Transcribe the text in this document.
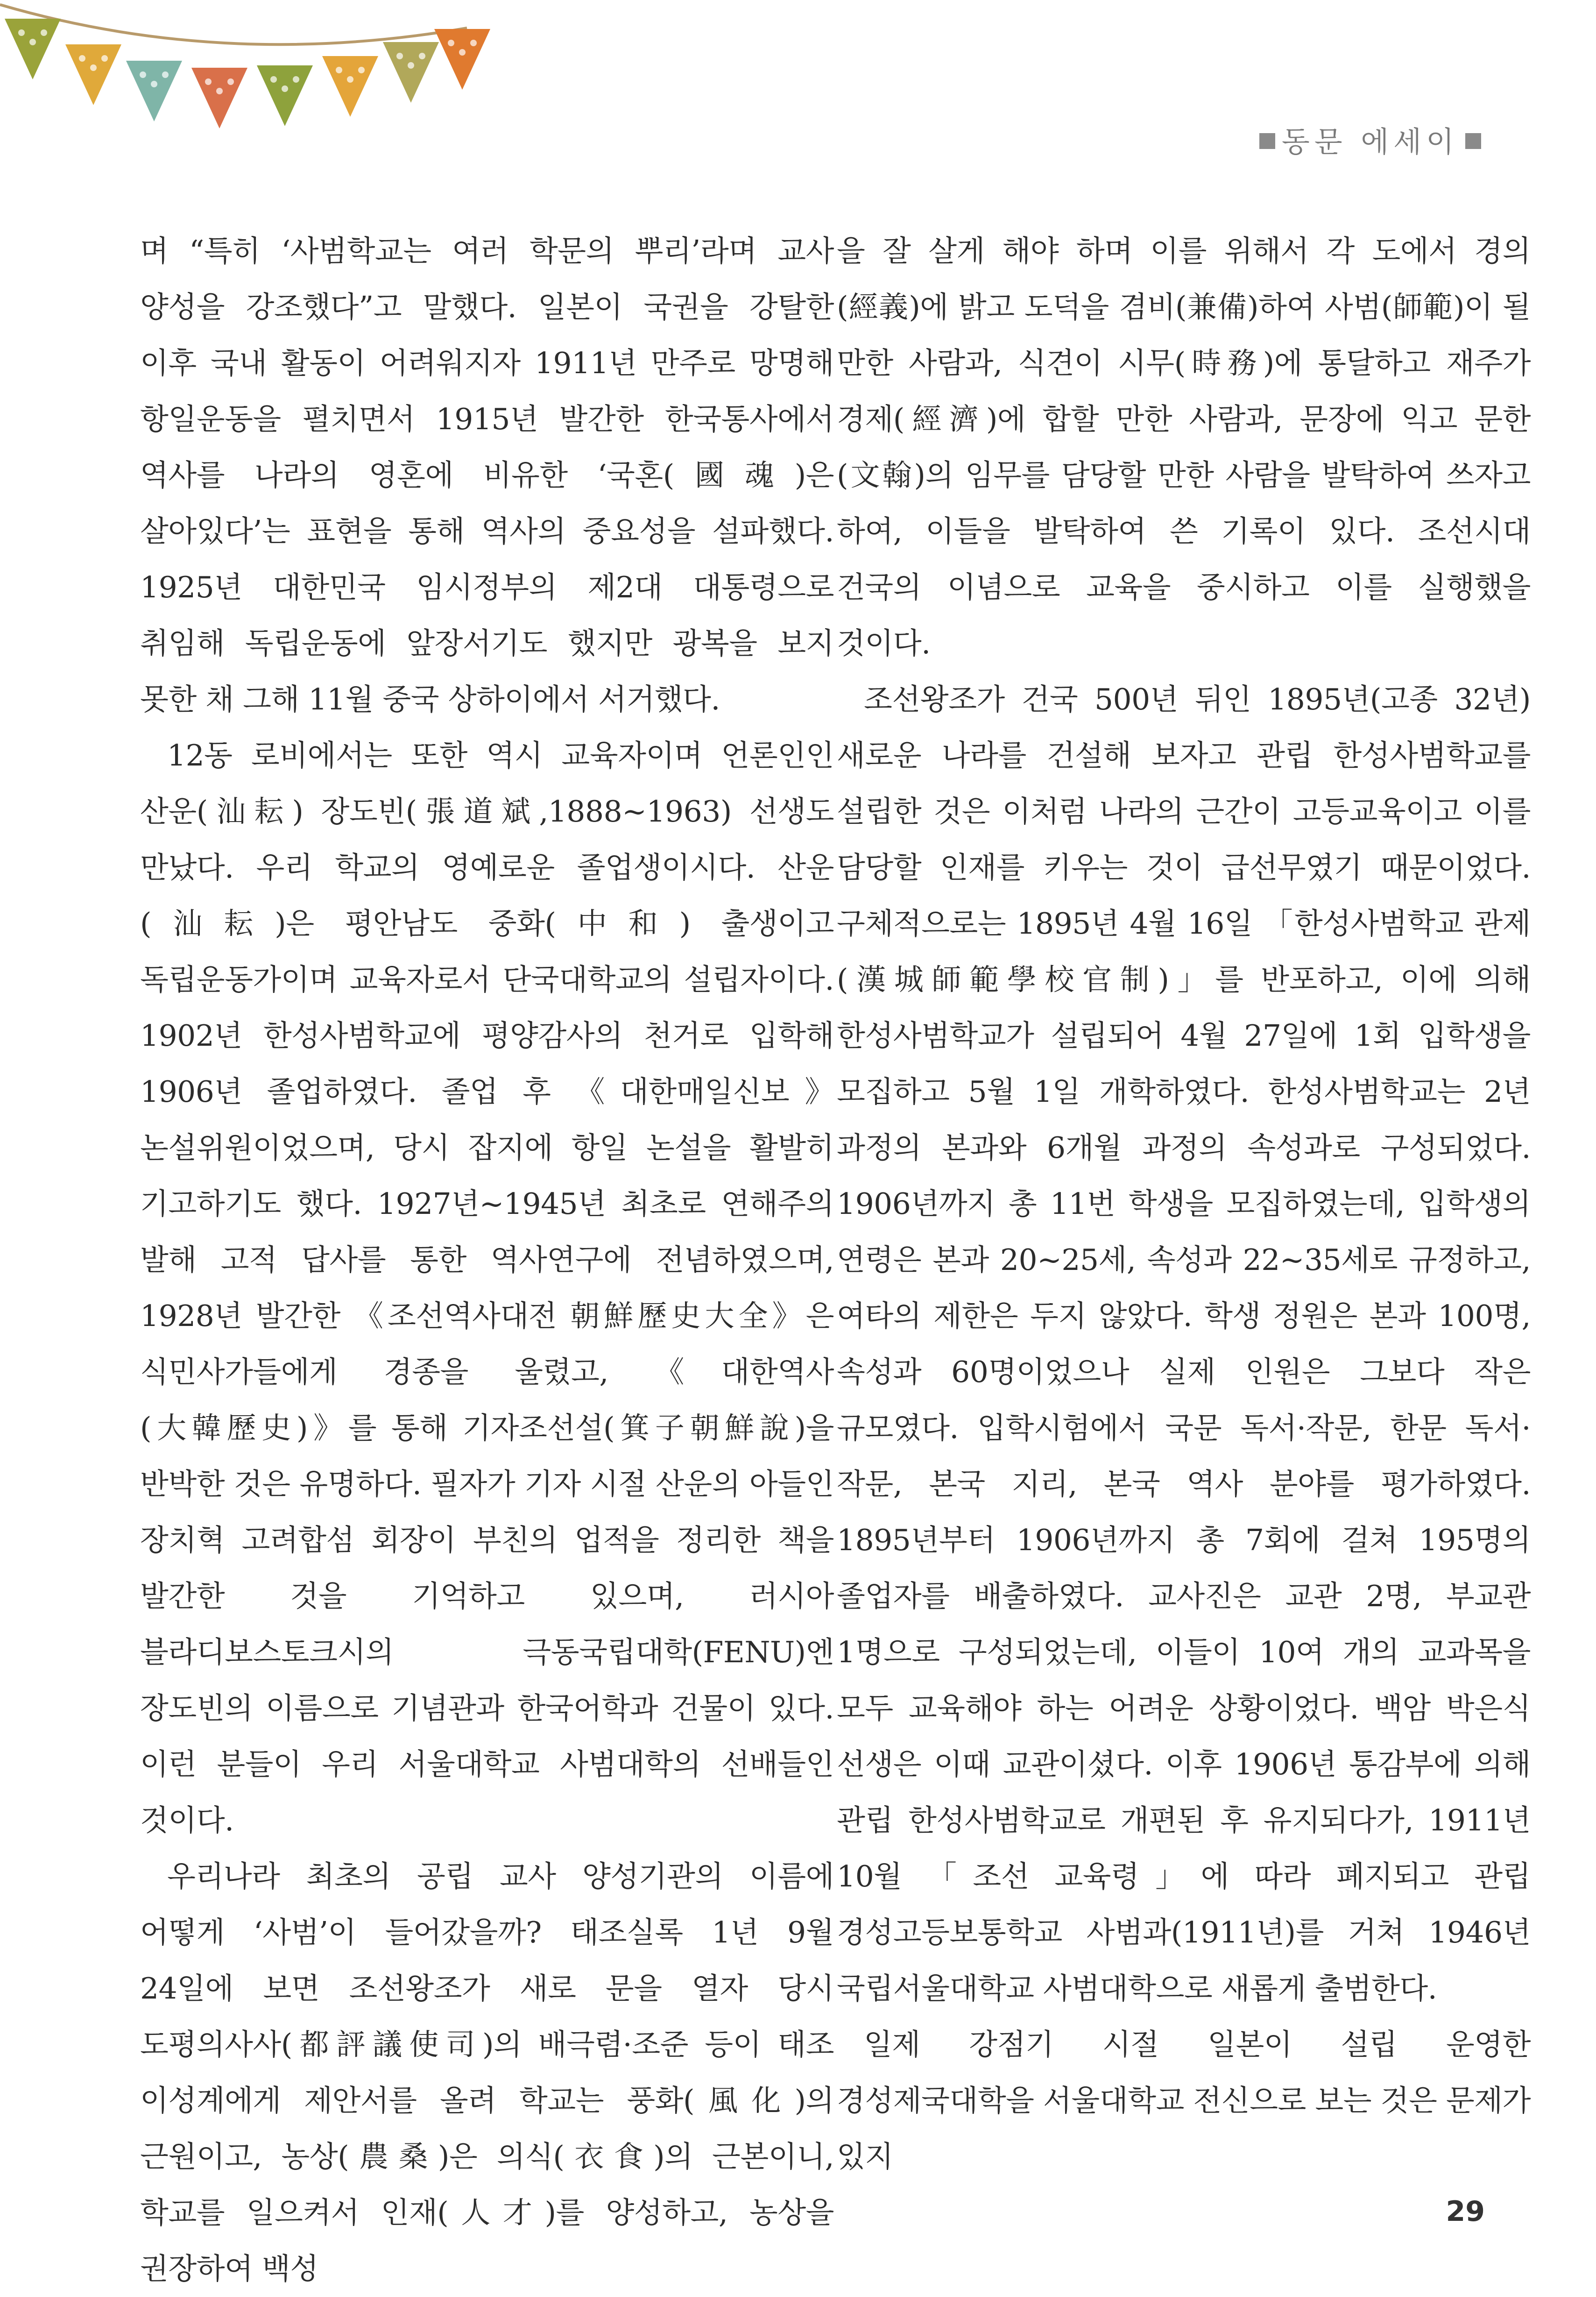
동문 에세이

며 “특히 ‘사범학교는 여러 학문의 뿌리’라며 교사 양성을 강조했다”고 말했다. 일본이 국권을 강탈한 이후 국내 활동이 어려워지자 1911년 만주로 망명해 항일운동을 펼치면서 1915년 발간한 한국통사에서 역사를 나라의 영혼에 비유한 ‘국혼(國魂)은 살아있다’는 표현을 통해 역사의 중요성을 설파했다. 1925년 대한민국 임시정부의 제2대 대통령으로 취임해 독립운동에 앞장서기도 했지만 광복을 보지 못한 채 그해 11월 중국 상하이에서 서거했다.

12동 로비에서는 또한 역시 교육자이며 언론인인 산운(汕耘) 장도빈(張道斌,1888~1963) 선생도 만났다. 우리 학교의 영예로운 졸업생이시다. 산운(汕耘)은 평안남도 중화(中和) 출생이고 독립운동가이며 교육자로서 단국대학교의 설립자이다. 1902년 한성사범학교에 평양감사의 천거로 입학해 1906년 졸업하였다. 졸업 후 《대한매일신보》 논설위원이었으며, 당시 잡지에 항일 논설을 활발히 기고하기도 했다. 1927년~1945년 최초로 연해주의 발해 고적 답사를 통한 역사연구에 전념하였으며, 1928년 발간한 《조선역사대전 朝鮮歷史大全》은 식민사가들에게 경종을 울렸고, 《대한역사(大韓歷史)》를 통해 기자조선설(箕子朝鮮說)을 반박한 것은 유명하다. 필자가 기자 시절 산운의 아들인 장치혁 고려합섬 회장이 부친의 업적을 정리한 책을 발간한 것을 기억하고 있으며, 러시아 블라디보스토크시의 극동국립대학(FENU)엔 장도빈의 이름으로 기념관과 한국어학과 건물이 있다. 이런 분들이 우리 서울대학교 사범대학의 선배들인 것이다.

우리나라 최초의 공립 교사 양성기관의 이름에 어떻게 ‘사범’이 들어갔을까? 태조실록 1년 9월 24일에 보면 조선왕조가 새로 문을 열자 당시 도평의사사(都評議使司)의 배극렴·조준 등이 태조 이성계에게 제안서를 올려 학교는 풍화(風化)의 근원이고, 농상(農桑)은 의식(衣食)의 근본이니, 학교를 일으켜서 인재(人才)를 양성하고, 농상을 권장하여 백성

을 잘 살게 해야 하며 이를 위해서 각 도에서 경의(經義)에 밝고 도덕을 겸비(兼備)하여 사범(師範)이 될 만한 사람과, 식견이 시무(時務)에 통달하고 재주가 경제(經濟)에 합할 만한 사람과, 문장에 익고 문한(文翰)의 임무를 담당할 만한 사람을 발탁하여 쓰자고 하여, 이들을 발탁하여 쓴 기록이 있다. 조선시대 건국의 이념으로 교육을 중시하고 이를 실행했을 것이다.

조선왕조가 건국 500년 뒤인 1895년(고종 32년) 새로운 나라를 건설해 보자고 관립 한성사범학교를 설립한 것은 이처럼 나라의 근간이 고등교육이고 이를 담당할 인재를 키우는 것이 급선무였기 때문이었다. 구체적으로는 1895년 4월 16일 「한성사범학교 관제(漢城師範學校官制)」를 반포하고, 이에 의해 한성사범학교가 설립되어 4월 27일에 1회 입학생을 모집하고 5월 1일 개학하였다. 한성사범학교는 2년 과정의 본과와 6개월 과정의 속성과로 구성되었다. 1906년까지 총 11번 학생을 모집하였는데, 입학생의 연령은 본과 20~25세, 속성과 22~35세로 규정하고, 여타의 제한은 두지 않았다. 학생 정원은 본과 100명, 속성과 60명이었으나 실제 인원은 그보다 작은 규모였다. 입학시험에서 국문 독서·작문, 한문 독서·작문, 본국 지리, 본국 역사 분야를 평가하였다. 1895년부터 1906년까지 총 7회에 걸쳐 195명의 졸업자를 배출하였다. 교사진은 교관 2명, 부교관 1명으로 구성되었는데, 이들이 10여 개의 교과목을 모두 교육해야 하는 어려운 상황이었다. 백암 박은식 선생은 이때 교관이셨다. 이후 1906년 통감부에 의해 관립 한성사범학교로 개편된 후 유지되다가, 1911년 10월 「조선 교육령」에 따라 폐지되고 관립 경성고등보통학교 사범과(1911년)를 거쳐 1946년 국립서울대학교 사범대학으로 새롭게 출범한다.

일제 강점기 시절 일본이 설립 운영한 경성제국대학을 서울대학교 전신으로 보는 것은 문제가 있지

29
